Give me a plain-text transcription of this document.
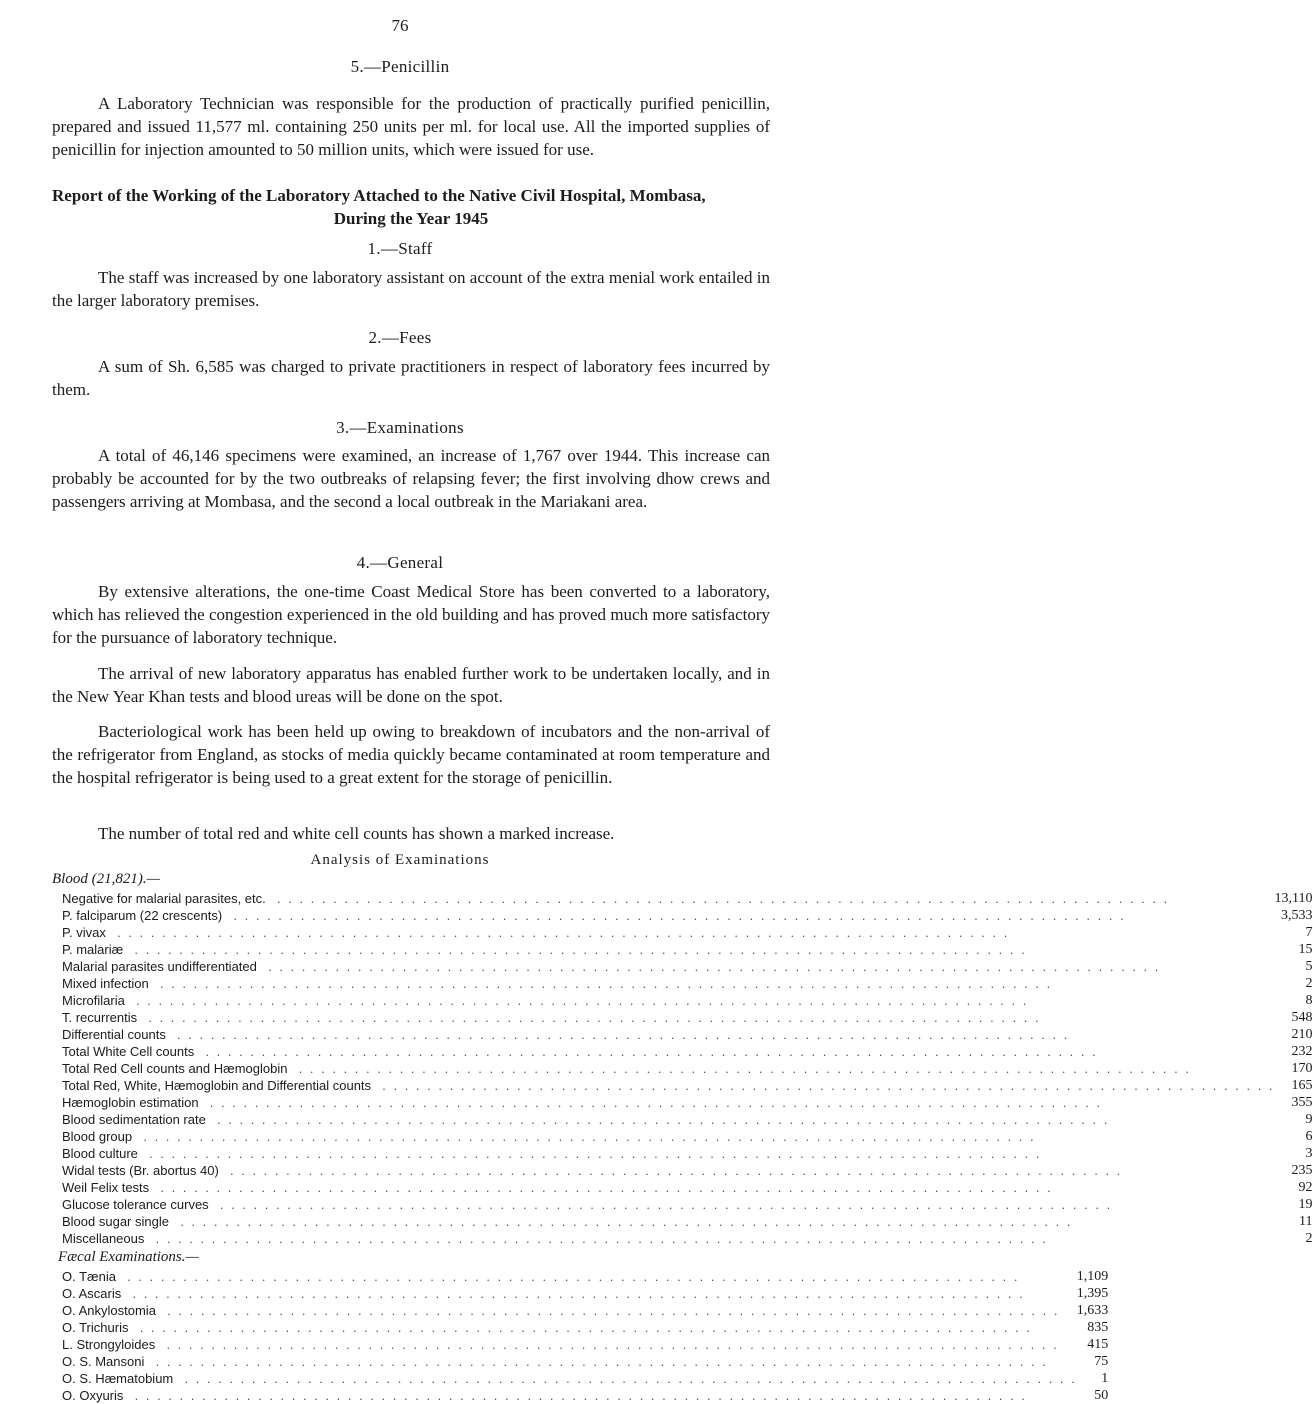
76
5.—Penicillin

A Laboratory Technician was responsible for the production of practically purified penicillin, prepared and issued 11,577 ml. containing 250 units per ml. for local use. All the imported supplies of penicillin for injection amounted to 50 million units, which were issued for use.

Report of the Working of the Laboratory Attached to the Native Civil Hospital, Mombasa,
During the Year 1945
1.—Staff

The staff was increased by one laboratory assistant on account of the extra menial work entailed in the larger laboratory premises.

2.—Fees

A sum of Sh. 6,585 was charged to private practitioners in respect of laboratory fees incurred by them.

3.—Examinations

A total of 46,146 specimens were examined, an increase of 1,767 over 1944. This increase can probably be accounted for by the two outbreaks of relapsing fever; the first involving dhow crews and passengers arriving at Mombasa, and the second a local outbreak in the Mariakani area.

4.—General

By extensive alterations, the one-time Coast Medical Store has been converted to a laboratory, which has relieved the congestion experienced in the old building and has proved much more satisfactory for the pursuance of laboratory technique.

The arrival of new laboratory apparatus has enabled further work to be undertaken locally, and in the New Year Khan tests and blood ureas will be done on the spot.

Bacteriological work has been held up owing to breakdown of incubators and the non-arrival of the refrigerator from England, as stocks of media quickly became contaminated at room temperature and the hospital refrigerator is being used to a great extent for the storage of penicillin.

The number of total red and white cell counts has shown a marked increase.

Analysis of Examinations
Blood (21,821).—
Negative for malarial parasites, etc.  . . . . . . . . . . . . . . . . . . . . . . . . . . . . . . . . . . . . . . . . . . . . . . . . . . . . . . . . . . . . . . . . . . . . . . . . . . . . . . . .	13,110
P. falciparum (22 crescents)  . . . . . . . . . . . . . . . . . . . . . . . . . . . . . . . . . . . . . . . . . . . . . . . . . . . . . . . . . . . . . . . . . . . . . . . . . . . . . . . .	3,533
P. vivax  . . . . . . . . . . . . . . . . . . . . . . . . . . . . . . . . . . . . . . . . . . . . . . . . . . . . . . . . . . . . . . . . . . . . . . . . . . . . . . . .	7
P. malariæ  . . . . . . . . . . . . . . . . . . . . . . . . . . . . . . . . . . . . . . . . . . . . . . . . . . . . . . . . . . . . . . . . . . . . . . . . . . . . . . . .	15
Malarial parasites undifferentiated  . . . . . . . . . . . . . . . . . . . . . . . . . . . . . . . . . . . . . . . . . . . . . . . . . . . . . . . . . . . . . . . . . . . . . . . . . . . . . . . .	5
Mixed infection  . . . . . . . . . . . . . . . . . . . . . . . . . . . . . . . . . . . . . . . . . . . . . . . . . . . . . . . . . . . . . . . . . . . . . . . . . . . . . . . .	2
Microfilaria  . . . . . . . . . . . . . . . . . . . . . . . . . . . . . . . . . . . . . . . . . . . . . . . . . . . . . . . . . . . . . . . . . . . . . . . . . . . . . . . .	8
T. recurrentis  . . . . . . . . . . . . . . . . . . . . . . . . . . . . . . . . . . . . . . . . . . . . . . . . . . . . . . . . . . . . . . . . . . . . . . . . . . . . . . . .	548
Differential counts  . . . . . . . . . . . . . . . . . . . . . . . . . . . . . . . . . . . . . . . . . . . . . . . . . . . . . . . . . . . . . . . . . . . . . . . . . . . . . . . .	210
Total White Cell counts  . . . . . . . . . . . . . . . . . . . . . . . . . . . . . . . . . . . . . . . . . . . . . . . . . . . . . . . . . . . . . . . . . . . . . . . . . . . . . . . .	232
Total Red Cell counts and Hæmoglobin  . . . . . . . . . . . . . . . . . . . . . . . . . . . . . . . . . . . . . . . . . . . . . . . . . . . . . . . . . . . . . . . . . . . . . . . . . . . . . . . .	170
Total Red, White, Hæmoglobin and Differential counts  . . . . . . . . . . . . . . . . . . . . . . . . . . . . . . . . . . . . . . . . . . . . . . . . . . . . . . . . . . . . . . . . . . . . . . . . . . . . . . . .	165
Hæmoglobin estimation  . . . . . . . . . . . . . . . . . . . . . . . . . . . . . . . . . . . . . . . . . . . . . . . . . . . . . . . . . . . . . . . . . . . . . . . . . . . . . . . .	355
Blood sedimentation rate  . . . . . . . . . . . . . . . . . . . . . . . . . . . . . . . . . . . . . . . . . . . . . . . . . . . . . . . . . . . . . . . . . . . . . . . . . . . . . . . .	9
Blood group  . . . . . . . . . . . . . . . . . . . . . . . . . . . . . . . . . . . . . . . . . . . . . . . . . . . . . . . . . . . . . . . . . . . . . . . . . . . . . . . .	6
Blood culture  . . . . . . . . . . . . . . . . . . . . . . . . . . . . . . . . . . . . . . . . . . . . . . . . . . . . . . . . . . . . . . . . . . . . . . . . . . . . . . . .	3
Widal tests (Br. abortus 40)  . . . . . . . . . . . . . . . . . . . . . . . . . . . . . . . . . . . . . . . . . . . . . . . . . . . . . . . . . . . . . . . . . . . . . . . . . . . . . . . .	235
Weil Felix tests  . . . . . . . . . . . . . . . . . . . . . . . . . . . . . . . . . . . . . . . . . . . . . . . . . . . . . . . . . . . . . . . . . . . . . . . . . . . . . . . .	92
Glucose tolerance curves  . . . . . . . . . . . . . . . . . . . . . . . . . . . . . . . . . . . . . . . . . . . . . . . . . . . . . . . . . . . . . . . . . . . . . . . . . . . . . . . .	19
Blood sugar single  . . . . . . . . . . . . . . . . . . . . . . . . . . . . . . . . . . . . . . . . . . . . . . . . . . . . . . . . . . . . . . . . . . . . . . . . . . . . . . . .	11
Miscellaneous  . . . . . . . . . . . . . . . . . . . . . . . . . . . . . . . . . . . . . . . . . . . . . . . . . . . . . . . . . . . . . . . . . . . . . . . . . . . . . . . .	2
Fæcal Examinations.—
O. Tænia  . . . . . . . . . . . . . . . . . . . . . . . . . . . . . . . . . . . . . . . . . . . . . . . . . . . . . . . . . . . . . . . . . . . . . . . . . . . . . . . .	1,109
O. Ascaris  . . . . . . . . . . . . . . . . . . . . . . . . . . . . . . . . . . . . . . . . . . . . . . . . . . . . . . . . . . . . . . . . . . . . . . . . . . . . . . . .	1,395
O. Ankylostomia  . . . . . . . . . . . . . . . . . . . . . . . . . . . . . . . . . . . . . . . . . . . . . . . . . . . . . . . . . . . . . . . . . . . . . . . . . . . . . . . .	1,633
O. Trichuris  . . . . . . . . . . . . . . . . . . . . . . . . . . . . . . . . . . . . . . . . . . . . . . . . . . . . . . . . . . . . . . . . . . . . . . . . . . . . . . . .	835
L. Strongyloides  . . . . . . . . . . . . . . . . . . . . . . . . . . . . . . . . . . . . . . . . . . . . . . . . . . . . . . . . . . . . . . . . . . . . . . . . . . . . . . . .	415
O. S. Mansoni  . . . . . . . . . . . . . . . . . . . . . . . . . . . . . . . . . . . . . . . . . . . . . . . . . . . . . . . . . . . . . . . . . . . . . . . . . . . . . . . .	75
O. S. Hæmatobium  . . . . . . . . . . . . . . . . . . . . . . . . . . . . . . . . . . . . . . . . . . . . . . . . . . . . . . . . . . . . . . . . . . . . . . . . . . . . . . . .	1
O. Oxyuris  . . . . . . . . . . . . . . . . . . . . . . . . . . . . . . . . . . . . . . . . . . . . . . . . . . . . . . . . . . . . . . . . . . . . . . . . . . . . . . . .	50
